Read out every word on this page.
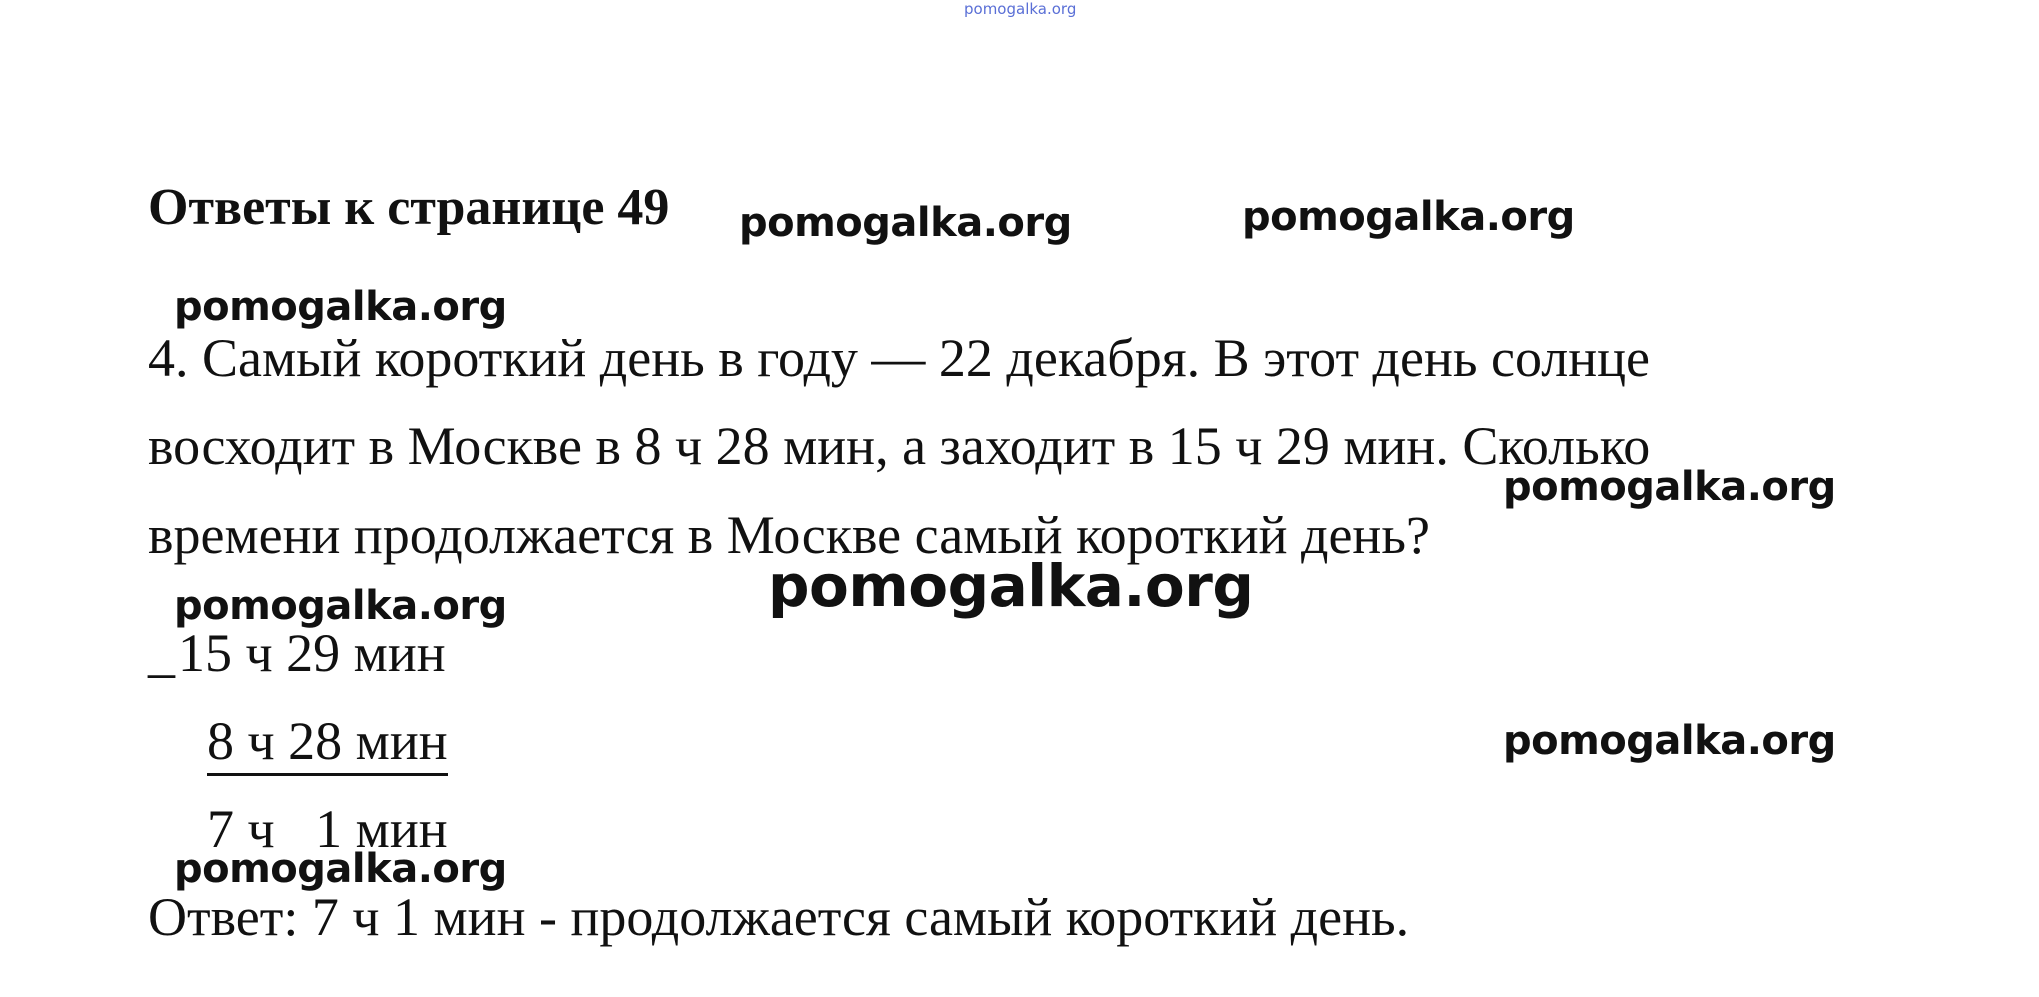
pomogalka.org
Ответы к странице 49 pomogalka.org	pomogalka.org
pomogalka.org
4. Самый короткий день в году — 22 декабря. В этот день солнце
восходит в Москве в 8 ч 28 мин, а заходит в 15 ч 29 мин. Сколько
pomogalka.org
времени продолжается в Москве самый короткий день?
pomogalka.org
pomogalka.org
_ 15 ч 29 мин
8 ч 28 мин	pomogalka.org
7 ч   1 мин
pomogalka.org
Ответ: 7 ч 1 мин - продолжается самый короткий день.
